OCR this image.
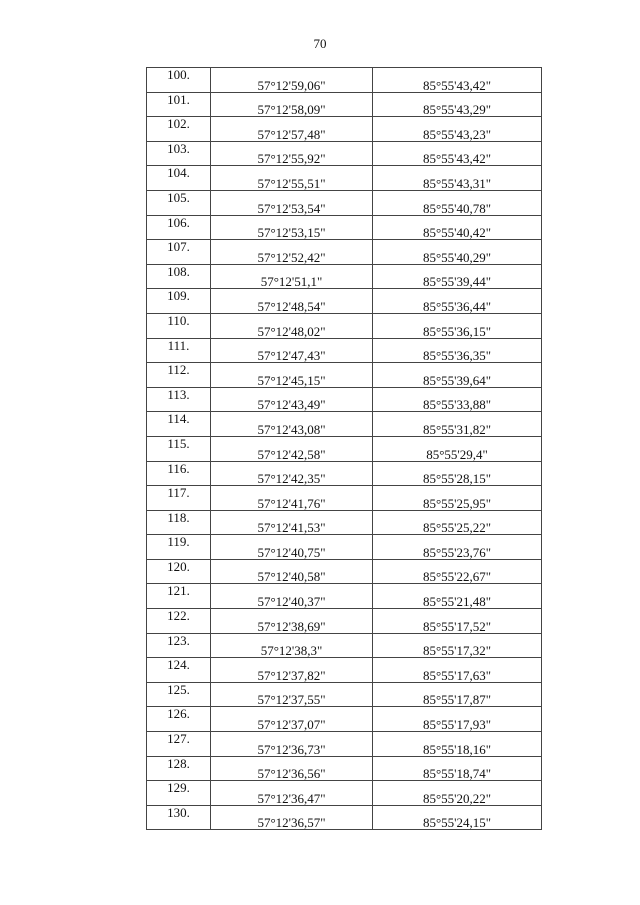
70
100.	57°12'59,06"	85°55'43,42"
101.	57°12'58,09"	85°55'43,29"
102.	57°12'57,48"	85°55'43,23"
103.	57°12'55,92"	85°55'43,42"
104.	57°12'55,51"	85°55'43,31"
105.	57°12'53,54"	85°55'40,78"
106.	57°12'53,15"	85°55'40,42"
107.	57°12'52,42"	85°55'40,29"
108.	57°12'51,1"	85°55'39,44"
109.	57°12'48,54"	85°55'36,44"
110.	57°12'48,02"	85°55'36,15"
111.	57°12'47,43"	85°55'36,35"
112.	57°12'45,15"	85°55'39,64"
113.	57°12'43,49"	85°55'33,88"
114.	57°12'43,08"	85°55'31,82"
115.	57°12'42,58"	85°55'29,4"
116.	57°12'42,35"	85°55'28,15"
117.	57°12'41,76"	85°55'25,95"
118.	57°12'41,53"	85°55'25,22"
119.	57°12'40,75"	85°55'23,76"
120.	57°12'40,58"	85°55'22,67"
121.	57°12'40,37"	85°55'21,48"
122.	57°12'38,69"	85°55'17,52"
123.	57°12'38,3"	85°55'17,32"
124.	57°12'37,82"	85°55'17,63"
125.	57°12'37,55"	85°55'17,87"
126.	57°12'37,07"	85°55'17,93"
127.	57°12'36,73"	85°55'18,16"
128.	57°12'36,56"	85°55'18,74"
129.	57°12'36,47"	85°55'20,22"
130.	57°12'36,57"	85°55'24,15"
